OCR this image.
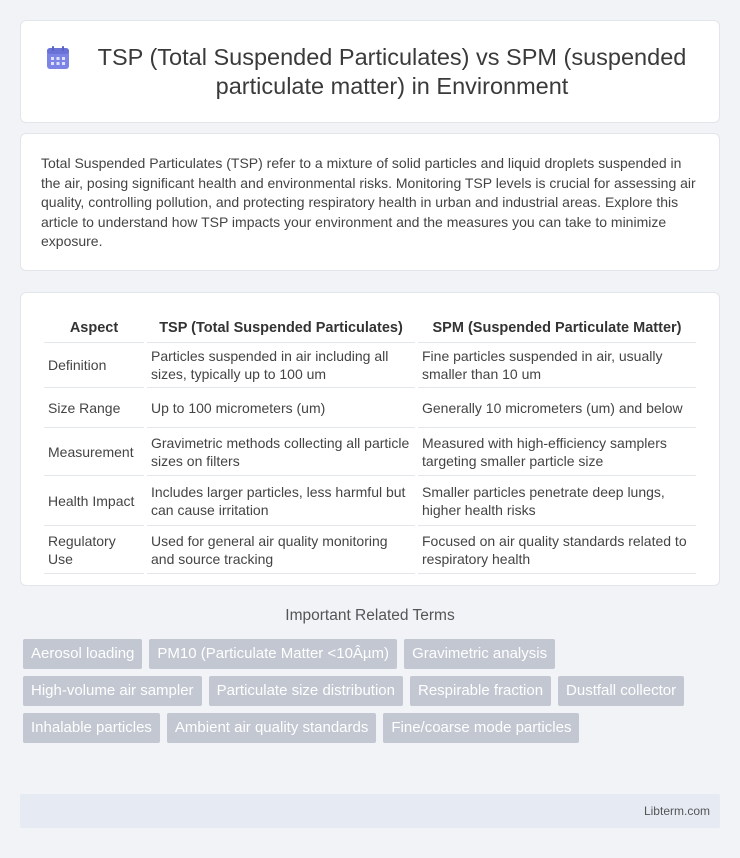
TSP (Total Suspended Particulates) vs SPM (suspended particulate matter) in Environment

Total Suspended Particulates (TSP) refer to a mixture of solid particles and liquid droplets suspended in the air, posing significant health and environmental risks. Monitoring TSP levels is crucial for assessing air quality, controlling pollution, and protecting respiratory health in urban and industrial areas. Explore this article to understand how TSP impacts your environment and the measures you can take to minimize exposure.

Aspect	TSP (Total Suspended Particulates)	SPM (Suspended Particulate Matter)
Definition	Particles suspended in air including all sizes, typically up to 100 um	Fine particles suspended in air, usually smaller than 10 um
Size Range	Up to 100 micrometers (um)	Generally 10 micrometers (um) and below
Measurement	Gravimetric methods collecting all particle sizes on filters	Measured with high-efficiency samplers targeting smaller particle size
Health Impact	Includes larger particles, less harmful but can cause irritation	Smaller particles penetrate deep lungs, higher health risks
Regulatory Use	Used for general air quality monitoring and source tracking	Focused on air quality standards related to respiratory health
Important Related Terms
Aerosol loading	PM10 (Particulate Matter <10Âµm)	Gravimetric analysis
High-volume air sampler	Particulate size distribution	Respirable fraction	Dustfall collector
Inhalable particles	Ambient air quality standards	Fine/coarse mode particles
Libterm.com
